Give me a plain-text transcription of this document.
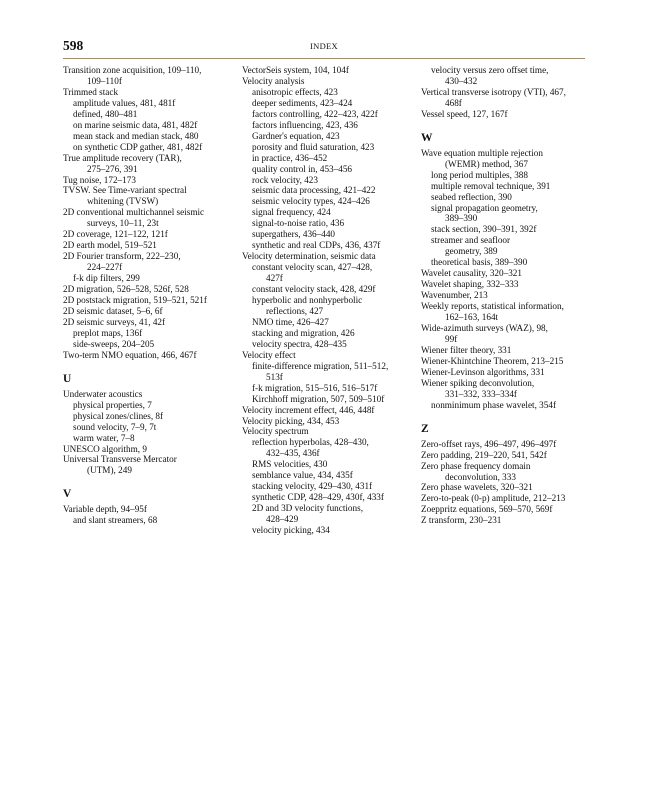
598	INDEX
Transition zone acquisition, 109–110,
109–110f
Trimmed stack
amplitude values, 481, 481f
defined, 480–481
on marine seismic data, 481, 482f
mean stack and median stack, 480
on synthetic CDP gather, 481, 482f
True amplitude recovery (TAR),
275–276, 391
Tug noise, 172–173
TVSW. See Time-variant spectral
whitening (TVSW)
2D conventional multichannel seismic
surveys, 10–11, 23t
2D coverage, 121–122, 121f
2D earth model, 519–521
2D Fourier transform, 222–230,
224–227f
f-k dip filters, 299
2D migration, 526–528, 526f, 528
2D poststack migration, 519–521, 521f
2D seismic dataset, 5–6, 6f
2D seismic surveys, 41, 42f
preplot maps, 136f
side-sweeps, 204–205
Two-term NMO equation, 466, 467f
U
Underwater acoustics
physical properties, 7
physical zones/clines, 8f
sound velocity, 7–9, 7t
warm water, 7–8
UNESCO algorithm, 9
Universal Transverse Mercator
(UTM), 249
V
Variable depth, 94–95f
and slant streamers, 68
VectorSeis system, 104, 104f
Velocity analysis
anisotropic effects, 423
deeper sediments, 423–424
factors controlling, 422–423, 422f
factors influencing, 423, 436
Gardner's equation, 423
porosity and fluid saturation, 423
in practice, 436–452
quality control in, 453–456
rock velocity, 423
seismic data processing, 421–422
seismic velocity types, 424–426
signal frequency, 424
signal-to-noise ratio, 436
supergathers, 436–440
synthetic and real CDPs, 436, 437f
Velocity determination, seismic data
constant velocity scan, 427–428,
427f
constant velocity stack, 428, 429f
hyperbolic and nonhyperbolic
reflections, 427
NMO time, 426–427
stacking and migration, 426
velocity spectra, 428–435
Velocity effect
finite-difference migration, 511–512,
513f
f-k migration, 515–516, 516–517f
Kirchhoff migration, 507, 509–510f
Velocity increment effect, 446, 448f
Velocity picking, 434, 453
Velocity spectrum
reflection hyperbolas, 428–430,
432–435, 436f
RMS velocities, 430
semblance value, 434, 435f
stacking velocity, 429–430, 431f
synthetic CDP, 428–429, 430f, 433f
2D and 3D velocity functions,
428–429
velocity picking, 434
velocity versus zero offset time,
430–432
Vertical transverse isotropy (VTI), 467,
468f
Vessel speed, 127, 167f
W
Wave equation multiple rejection
(WEMR) method, 367
long period multiples, 388
multiple removal technique, 391
seabed reflection, 390
signal propagation geometry,
389–390
stack section, 390–391, 392f
streamer and seafloor
geometry, 389
theoretical basis, 389–390
Wavelet causality, 320–321
Wavelet shaping, 332–333
Wavenumber, 213
Weekly reports, statistical information,
162–163, 164t
Wide-azimuth surveys (WAZ), 98,
99f
Wiener filter theory, 331
Wiener-Khintchine Theorem, 213–215
Wiener-Levinson algorithms, 331
Wiener spiking deconvolution,
331–332, 333–334f
nonminimum phase wavelet, 354f
Z
Zero-offset rays, 496–497, 496–497f
Zero padding, 219–220, 541, 542f
Zero phase frequency domain
deconvolution, 333
Zero phase wavelets, 320–321
Zero-to-peak (0-p) amplitude, 212–213
Zoeppritz equations, 569–570, 569f
Z transform, 230–231
